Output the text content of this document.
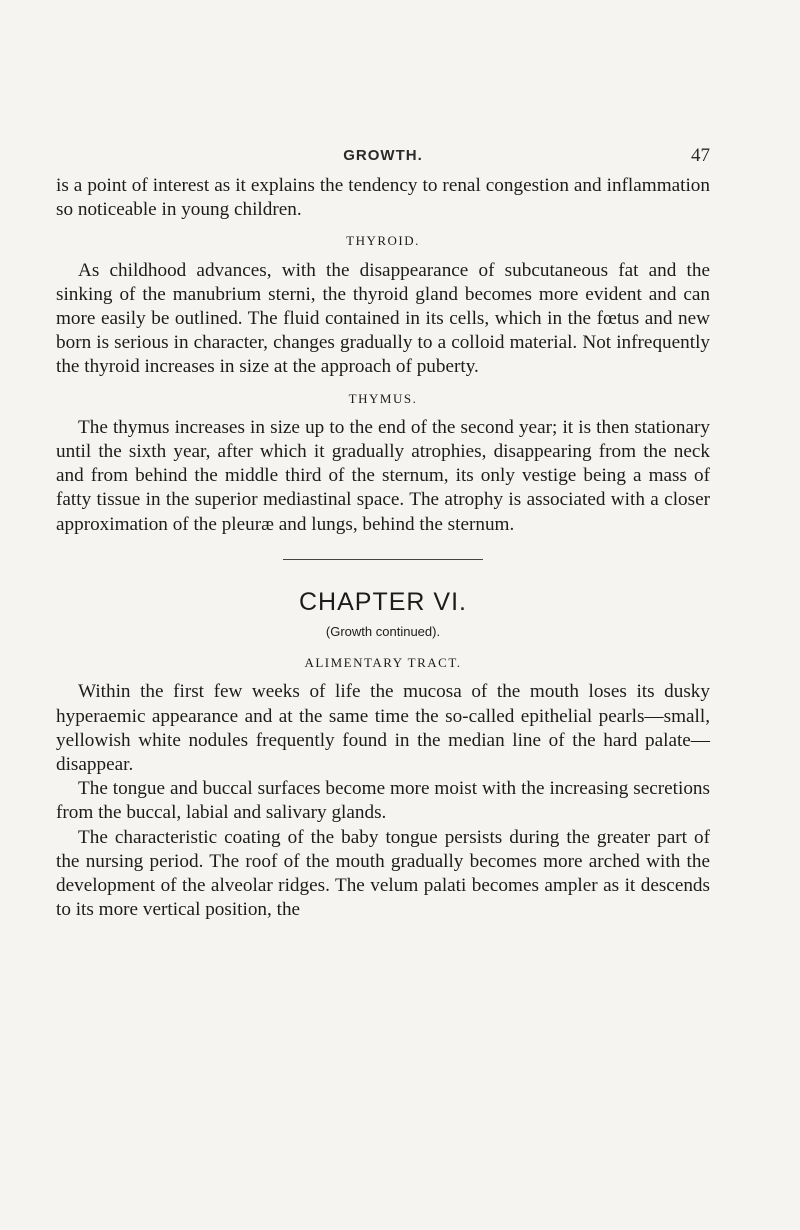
GROWTH.	47

is a point of interest as it explains the tendency to renal congestion and inflammation so noticeable in young children.

THYROID.

As childhood advances, with the disappearance of subcutaneous fat and the sinking of the manubrium sterni, the thyroid gland becomes more evident and can more easily be outlined. The fluid contained in its cells, which in the fœtus and new born is serious in character, changes gradually to a colloid material. Not infrequently the thyroid increases in size at the approach of puberty.

THYMUS.

The thymus increases in size up to the end of the second year; it is then stationary until the sixth year, after which it gradually atrophies, disappearing from the neck and from behind the middle third of the sternum, its only vestige being a mass of fatty tissue in the superior mediastinal space. The atrophy is associated with a closer approximation of the pleuræ and lungs, behind the sternum.

CHAPTER VI.
(Growth continued).
ALIMENTARY TRACT.

Within the first few weeks of life the mucosa of the mouth loses its dusky hyperaemic appearance and at the same time the so-called epithelial pearls—small, yellowish white nodules frequently found in the median line of the hard palate—disappear.

The tongue and buccal surfaces become more moist with the increasing secretions from the buccal, labial and salivary glands.

The characteristic coating of the baby tongue persists during the greater part of the nursing period. The roof of the mouth gradually becomes more arched with the development of the alveolar ridges. The velum palati becomes ampler as it descends to its more vertical position, the
